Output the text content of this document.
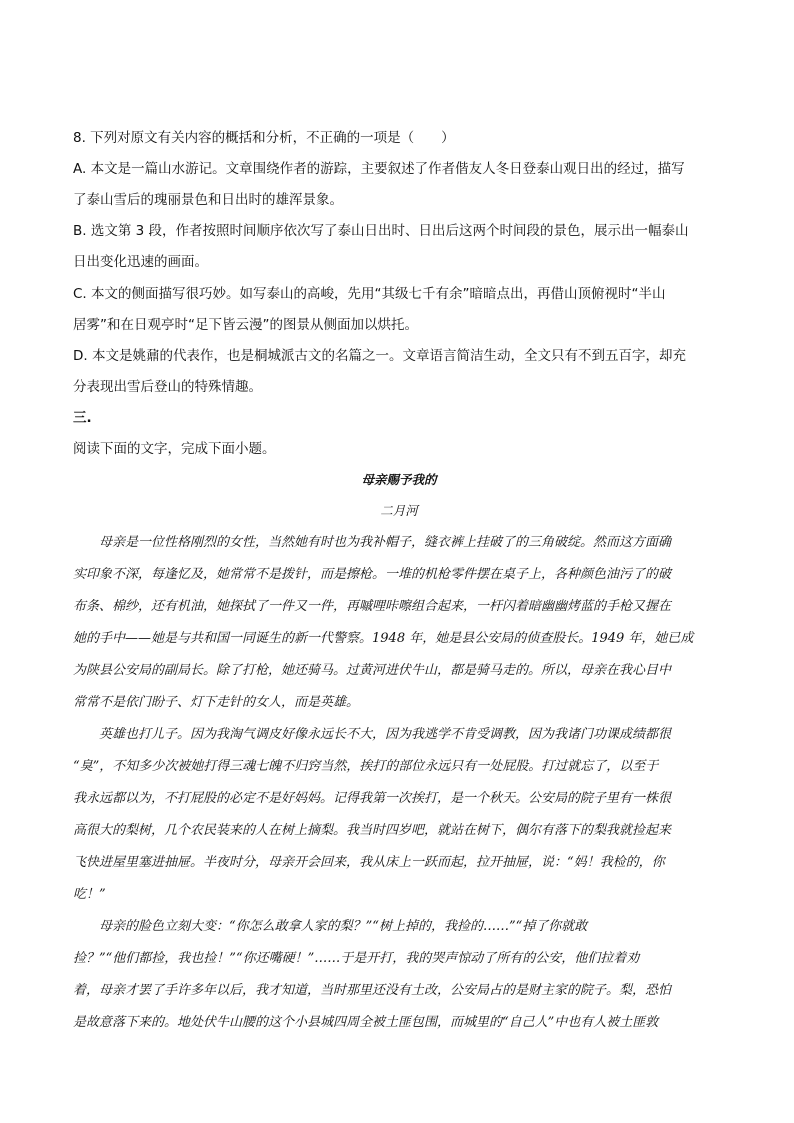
8. 下列对原文有关内容的概括和分析，不正确的一项是（　　）
A. 本文是一篇山水游记。文章围绕作者的游踪，主要叙述了作者偕友人冬日登泰山观日出的经过，描写
了泰山雪后的瑰丽景色和日出时的雄浑景象。
B. 选文第 3 段，作者按照时间顺序依次写了泰山日出时、日出后这两个时间段的景色，展示出一幅泰山
日出变化迅速的画面。
C. 本文的侧面描写很巧妙。如写泰山的高峻，先用“其级七千有余”暗暗点出，再借山顶俯视时“半山
居雾”和在日观亭时“足下皆云漫”的图景从侧面加以烘托。
D. 本文是姚鼐的代表作，也是桐城派古文的名篇之一。文章语言简洁生动，全文只有不到五百字，却充
分表现出雪后登山的特殊情趣。
三.
阅读下面的文字，完成下面小题。
母亲赐予我的
二月河
　　母亲是一位性格刚烈的女性，当然她有时也为我补帽子，缝衣裤上挂破了的三角破绽。然而这方面确
实印象不深，每逢忆及，她常常不是拨针，而是擦枪。一堆的机枪零件摆在桌子上，各种颜色油污了的破
布条、棉纱，还有机油，她探拭了一件又一件，再嘁哩咔嚓组合起来，一杆闪着暗幽幽烤蓝的手枪又握在
她的手中——她是与共和国一同诞生的新一代警察。1948 年，她是县公安局的侦查股长。1949 年，她已成
为陕县公安局的副局长。除了打枪，她还骑马。过黄河进伏牛山，都是骑马走的。所以，母亲在我心目中
常常不是依门盼子、灯下走针的女人，而是英雄。
　　英雄也打儿子。因为我淘气调皮好像永远长不大，因为我逃学不肯受调教，因为我诸门功课成绩都很
“臭”，不知多少次被她打得三魂七魄不归窍当然，挨打的部位永远只有一处屁股。打过就忘了，以至于
我永远都以为，不打屁股的必定不是好妈妈。记得我第一次挨打，是一个秋天。公安局的院子里有一株很
高很大的梨树，几个农民装来的人在树上摘梨。我当时四岁吧，就站在树下，偶尔有落下的梨我就捡起来
飞快进屋里塞进抽屉。半夜时分，母亲开会回来，我从床上一跃而起，拉开抽屉，说：“妈！我检的，你
吃！”
　　母亲的脸色立刻大变：“你怎么敢拿人家的梨？”“树上掉的，我捡的……”“掉了你就敢
捡？”“他们都捡，我也捡！”“你还嘴硬！”……于是开打，我的哭声惊动了所有的公安，他们拉着劝
着，母亲才罢了手许多年以后，我才知道，当时那里还没有土改，公安局占的是财主家的院子。梨，恐怕
是故意落下来的。地处伏牛山腰的这个小县城四周全被土匪包围，而城里的“自己人”中也有人被土匪敦
